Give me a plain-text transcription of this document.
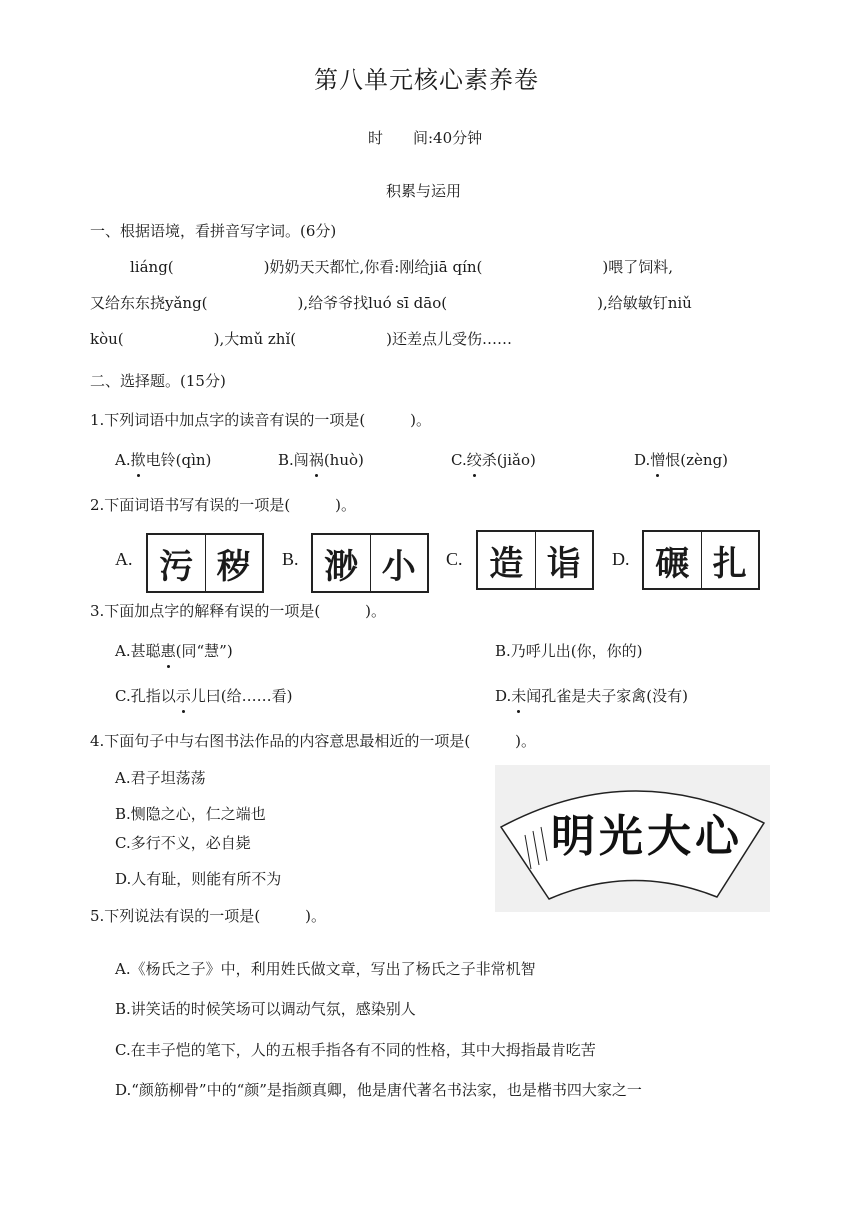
第八单元核心素养卷
时　　间:40分钟
积累与运用
一、根据语境，看拼音写字词。(6分)
liáng(　　　　　　)奶奶天天都忙,你看:刚给jiā qín(　　　　　　　　)喂了饲料,
又给东东挠yǎng(　　　　　　),给爷爷找luó sī dāo(　　　　　　　　　　),给敏敏钉niǔ
kòu(　　　　　　),大mǔ zhǐ(　　　　　　)还差点儿受伤……
二、选择题。(15分)
1.下列词语中加点字的读音有误的一项是(　　　)。
A.揿电铃(qìn)	B.闯祸(huò)	C.绞杀(jiǎo)	D.憎恨(zèng)
2.下面词语书写有误的一项是(　　　)。
A. 污 秽	B. 渺 小	C. 造 诣	D. 碾 扎
3.下面加点字的解释有误的一项是(　　　)。
A.甚聪惠(同“慧”)	B.乃呼儿出(你，你的)
C.孔指以示儿曰(给……看)	D.未闻孔雀是夫子家禽(没有)
4.下面句子中与右图书法作品的内容意思最相近的一项是(　　　)。
A.君子坦荡荡
B.恻隐之心，仁之端也
C.多行不义，必自毙
D.人有耻，则能有所不为
明光大心
5.下列说法有误的一项是(　　　)。
A.《杨氏之子》中，利用姓氏做文章，写出了杨氏之子非常机智
B.讲笑话的时候笑场可以调动气氛，感染别人
C.在丰子恺的笔下，人的五根手指各有不同的性格，其中大拇指最肯吃苦
D.“颜筋柳骨”中的“颜”是指颜真卿，他是唐代著名书法家，也是楷书四大家之一
